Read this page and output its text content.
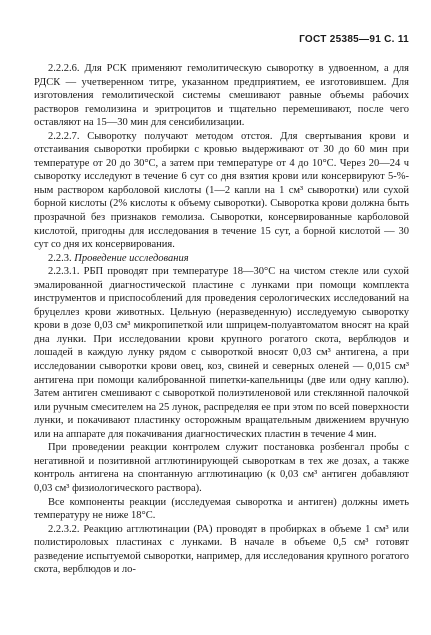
ГОСТ 25385—91 С. 11

2.2.2.6. Для РСК применяют гемолитическую сыворотку в удвоенном, а для РДСК — учетверенном титре, указанном предприятием, ее изготовившем. Для изготовления гемолитической системы смешивают равные объемы рабочих растворов гемолизина и эритроцитов и тщательно перемешивают, после чего оставляют на 15—30 мин для сенсибилизации.

2.2.2.7. Сыворотку получают методом отстоя. Для свертывания крови и отстаивания сыворотки пробирки с кровью выдерживают от 30 до 60 мин при температуре от 20 до 30°С, а затем при температуре от 4 до 10°С. Через 20—24 ч сыворотку исследуют в течение 6 сут со дня взятия крови или консервируют 5-%-ным раствором карболовой кислоты (1—2 капли на 1 см³ сыворотки) или сухой борной кислоты (2% кислоты к объему сыворотки). Сыворотка крови должна быть прозрачной без признаков гемолиза. Сыворотки, консервированные карболовой кислотой, пригодны для исследования в течение 15 сут, а борной кислотой — 30 сут со дня их консервирования.

2.2.3. Проведение исследования

2.2.3.1. РБП проводят при температуре 18—30°С на чистом стекле или сухой эмалированной диагностической пластине с лунками при помощи комплекта инструментов и приспособлений для проведения серологических исследований на бруцеллез крови животных. Цельную (неразведенную) исследуемую сыворотку крови в дозе 0,03 см³ микропипеткой или шприцем-полуавтоматом вносят на край дна лунки. При исследовании крови крупного рогатого скота, верблюдов и лошадей в каждую лунку рядом с сывороткой вносят 0,03 см³ антигена, а при исследовании сыворотки крови овец, коз, свиней и северных оленей — 0,015 см³ антигена при помощи калиброванной пипетки-капельницы (две или одну каплю). Затем антиген смешивают с сывороткой полиэтиленовой или стеклянной палочкой или ручным смесителем на 25 лунок, распределяя ее при этом по всей поверхности лунки, и покачивают пластинку осторожным вращательным движением вручную или на аппарате для покачивания диагностических пластин в течение 4 мин.

При проведении реакции контролем служит постановка розбенгал пробы с негативной и позитивной агглютинирующей сывороткам в тех же дозах, а также контроль антигена на спонтанную агглютинацию (к 0,03 см³ антиген добавляют 0,03 см³ физиологического раствора).

Все компоненты реакции (исследуемая сыворотка и антиген) должны иметь температуру не ниже 18°С.

2.2.3.2. Реакцию агглютинации (РА) проводят в пробирках в объеме 1 см³ или полистироловых пластинах с лунками. В начале в объеме 0,5 см³ готовят разведение испытуемой сыворотки, например, для исследования крупного рогатого скота, верблюдов и ло-
